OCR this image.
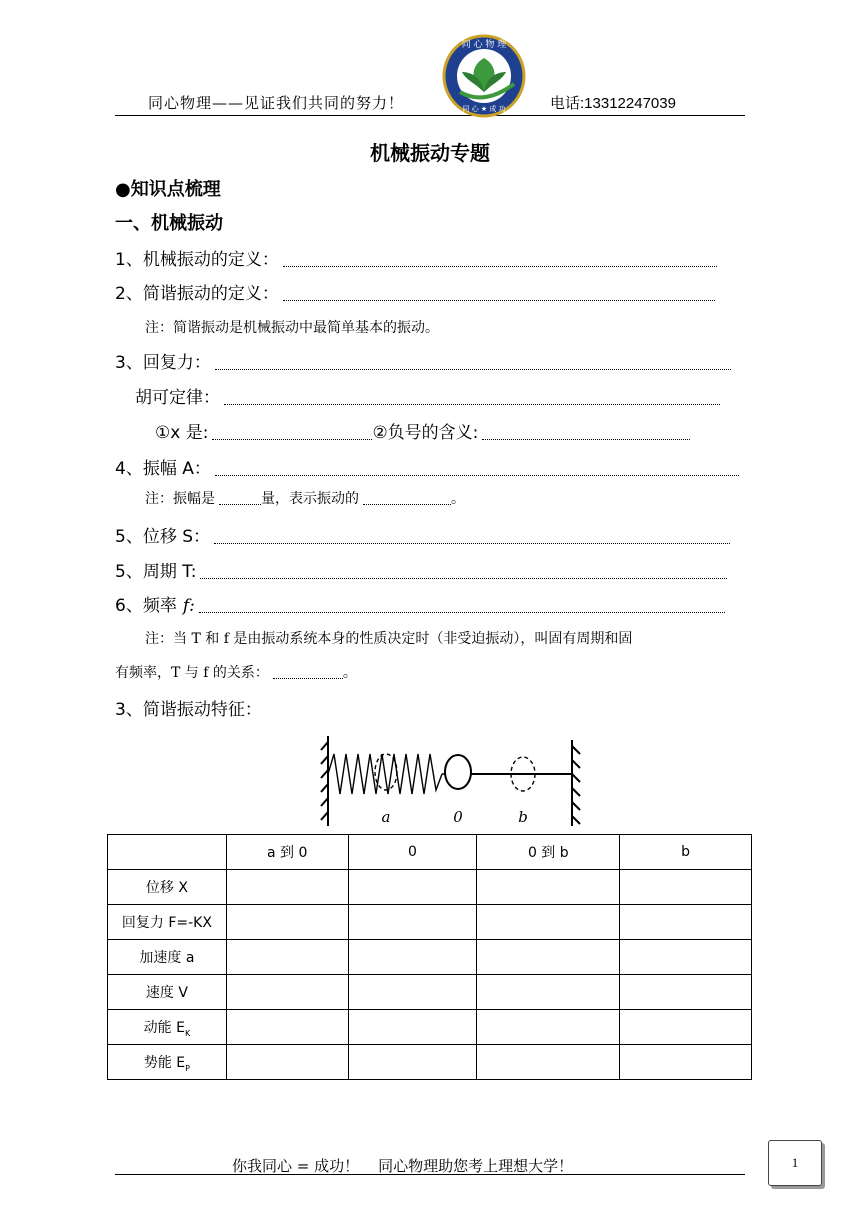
同心物理——见证我们共同的努力！	电话:13312247039
同 心 物 理
同 心 ★ 成 功
机械振动专题
●知识点梳理
一、机械振动
1、机械振动的定义：
2、简谐振动的定义：
注：简谐振动是机械振动中最简单基本的振动。
3、回复力：
胡可定律：
①x 是:	②负号的含义:
4、振幅 A：
注：振幅是	量，表示振动的	。
5、位移 S：
5、周期 T:
6、频率 f:
注：当 T 和 f 是由振动系统本身的性质决定时（非受迫振动），叫固有周期和固
有频率，T 与 f 的关系：	。
3、简谐振动特征：
a	0	b
	a 到 0	0	0 到 b	b
位移 X				
回复力 F=-KX				
加速度 a				
速度 V				
动能 $E_K$				
势能 $E_P$				
你我同心 = 成功！    同心物理助您考上理想大学！	1
